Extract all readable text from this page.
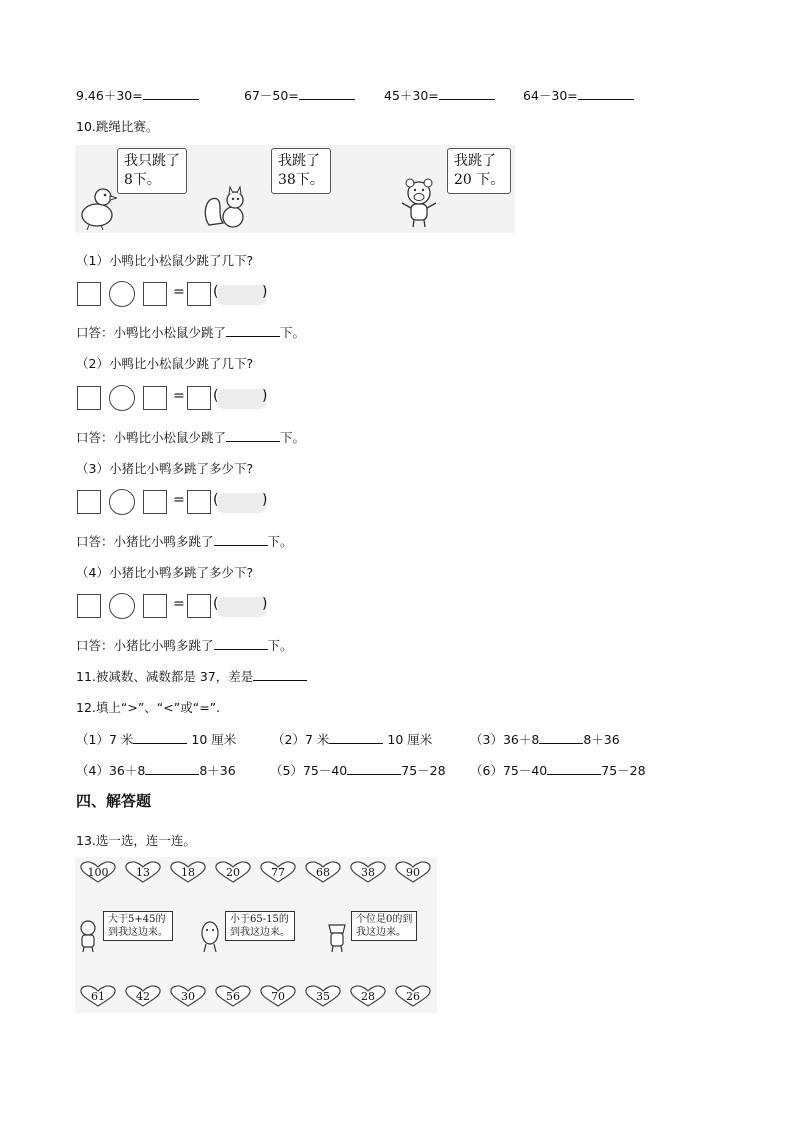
9.46＋30=	67－50=	45＋30=	64－30=
10.跳绳比赛。
我只跳了
8下。
我跳了
38下。
我跳了
20 下。
（1）小鸭比小松鼠少跳了几下?
= (	)
口答：小鸭比小松鼠少跳了	下。
（2）小鸭比小松鼠少跳了几下?
= (	)
口答：小鸭比小松鼠少跳了	下。
（3）小猪比小鸭多跳了多少下?
= (	)
口答：小猪比小鸭多跳了	下。
（4）小猪比小鸭多跳了多少下?
= (	)
口答：小猪比小鸭多跳了	下。
11.被减数、减数都是 37，差是
12.填上“>”、“<”或“=”.
（1）7 米	10 厘米	（2）7 米	10 厘米	（3）36＋8	8＋36
（4）36＋8	8＋36	（5）75－40	75－28 （6）75－40	75－28
四、解答题
13.选一选，连一连。
100	13	18	20	77	68	38	90
61	42	30	56	70	35	28	26
大于5+45的
到我这边来。
小于65-15的
到我这边来。
个位是0的到
我这边来。
